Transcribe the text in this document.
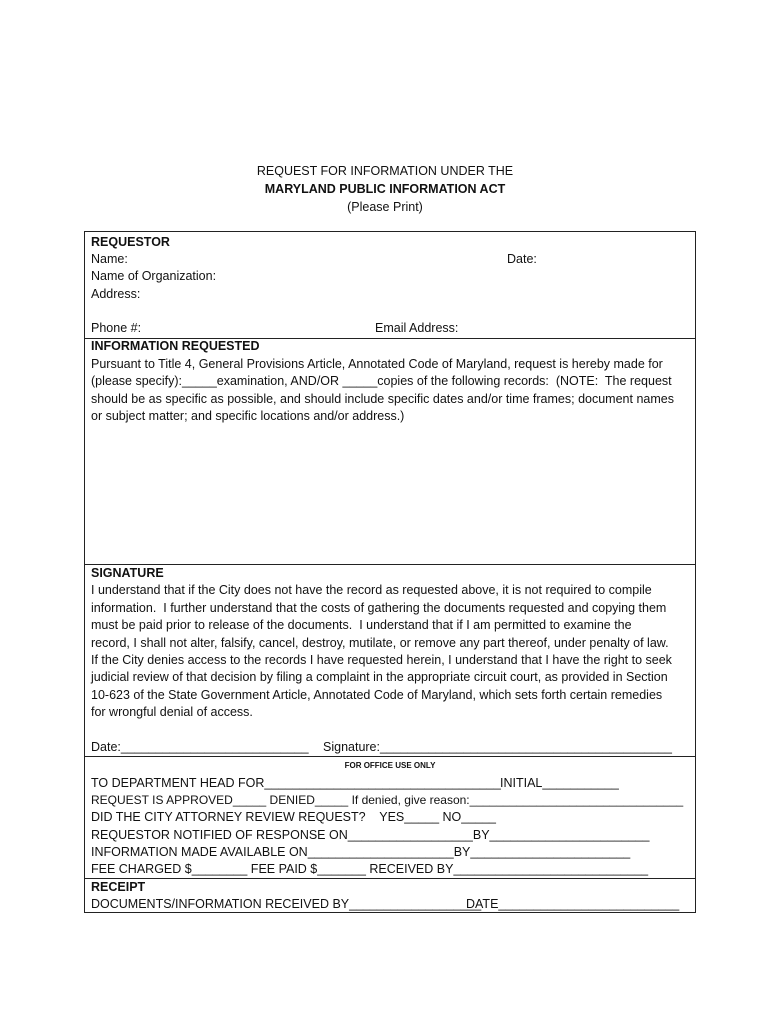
REQUEST FOR INFORMATION UNDER THE
MARYLAND PUBLIC INFORMATION ACT
(Please Print)
REQUESTOR
Name:	Date:
Name of Organization:
Address:
Phone #:	Email Address:
INFORMATION REQUESTED
Pursuant to Title 4, General Provisions Article, Annotated Code of Maryland, request is hereby made for
(please specify):_____examination, AND/OR _____copies of the following records:  (NOTE:  The request
should be as specific as possible, and should include specific dates and/or time frames; document names
or subject matter; and specific locations and/or address.)
SIGNATURE
I understand that if the City does not have the record as requested above, it is not required to compile
information.  I further understand that the costs of gathering the documents requested and copying them
must be paid prior to release of the documents.  I understand that if I am permitted to examine the
record, I shall not alter, falsify, cancel, destroy, mutilate, or remove any part thereof, under penalty of law.
If the City denies access to the records I have requested herein, I understand that I have the right to seek
judicial review of that decision by filing a complaint in the appropriate circuit court, as provided in Section
10-623 of the State Government Article, Annotated Code of Maryland, which sets forth certain remedies
for wrongful denial of access.
Date:___________________________ Signature:__________________________________________
FOR OFFICE USE ONLY
TO DEPARTMENT HEAD FOR__________________________________ INITIAL___________
REQUEST IS APPROVED_____ DENIED_____ If denied, give reason:________________________________
DID THE CITY ATTORNEY REVIEW REQUEST?    YES_____ NO_____
REQUESTOR NOTIFIED OF RESPONSE ON__________________BY_______________________
INFORMATION MADE AVAILABLE ON_____________________BY_______________________
FEE CHARGED $________ FEE PAID $_______ RECEIVED BY____________________________
RECEIPT
DOCUMENTS/INFORMATION RECEIVED BY___________________
DATE__________________________
